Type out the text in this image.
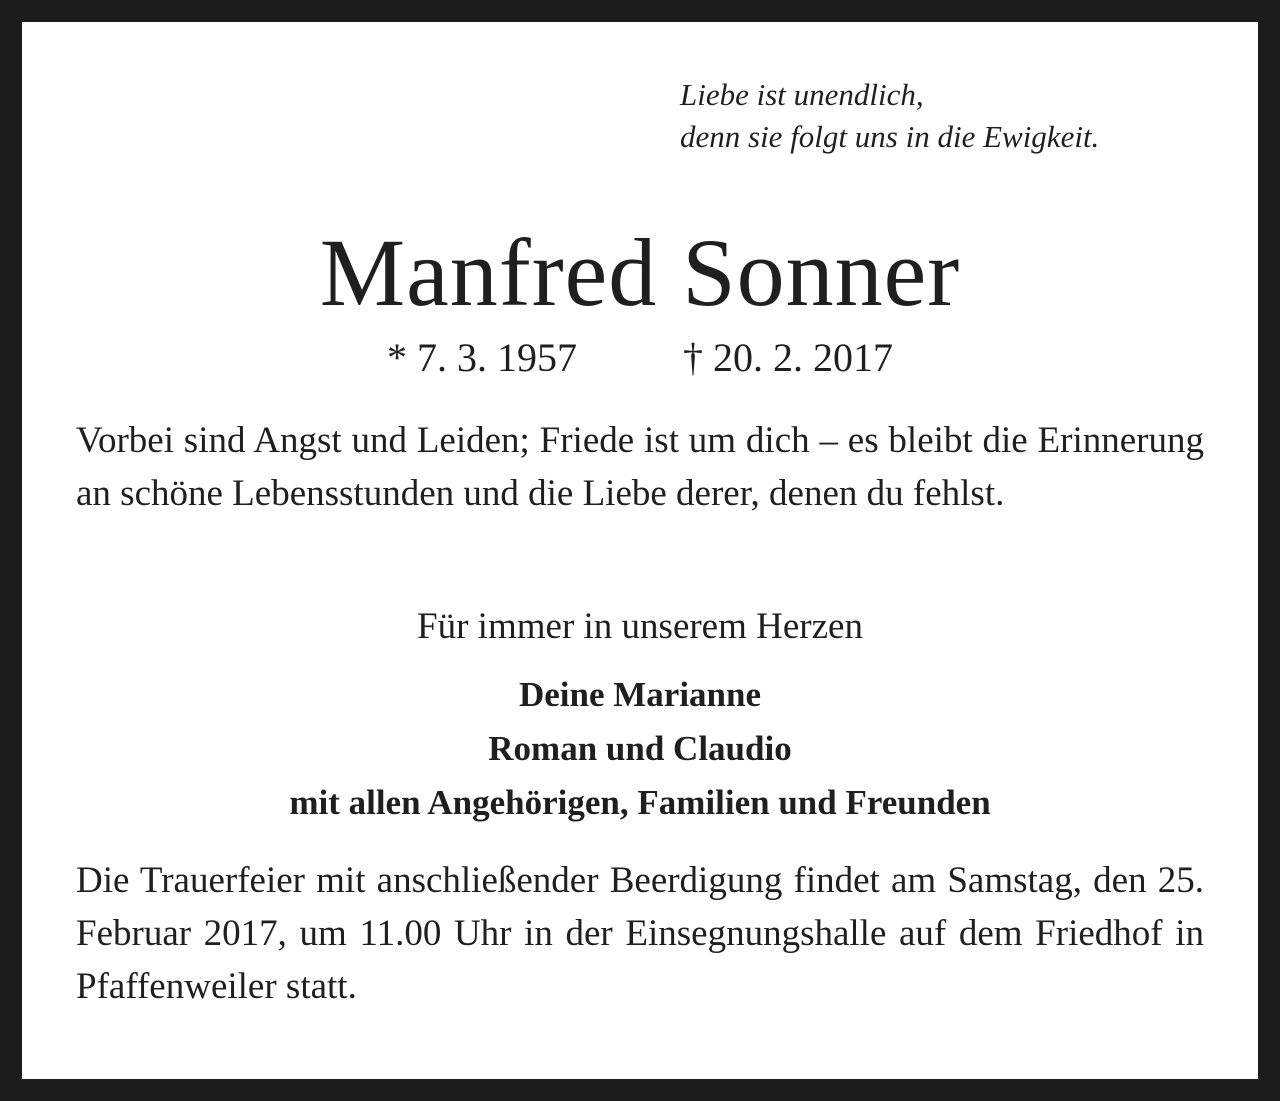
Liebe ist unendlich,
denn sie folgt uns in die Ewigkeit.
Manfred Sonner
* 7. 3. 1957	† 20. 2. 2017
Vorbei sind Angst und Leiden; Friede ist um dich – es bleibt die Erinnerung an schöne Lebensstunden und die Liebe derer, denen du fehlst.
Für immer in unserem Herzen
Deine Marianne
Roman und Claudio
mit allen Angehörigen, Familien und Freunden
Die Trauerfeier mit anschließender Beerdigung findet am Samstag, den 25. Februar 2017, um 11.00 Uhr in der Einsegnungshalle auf dem Friedhof in Pfaffenweiler statt.
